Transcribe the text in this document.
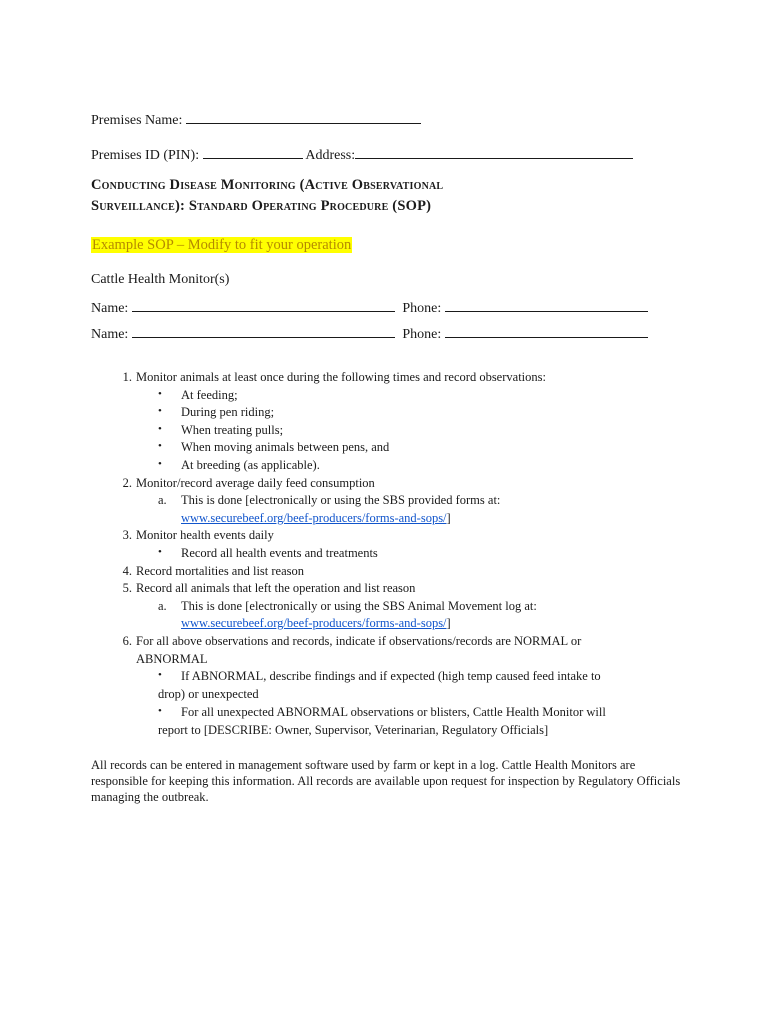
Premises Name:
Premises ID (PIN):	Address:
Conducting Disease Monitoring (Active Observational
Surveillance): Standard Operating Procedure (SOP)
Example SOP – Modify to fit your operation
Cattle Health Monitor(s)
Name:	Phone:
Name:	Phone:
1. Monitor animals at least once during the following times and record observations:
• At feeding;
• During pen riding;
• When treating pulls;
• When moving animals between pens, and
• At breeding (as applicable).
2. Monitor/record average daily feed consumption
a. This is done [electronically or using the SBS provided forms at:
www.securebeef.org/beef-producers/forms-and-sops/]
3. Monitor health events daily
• Record all health events and treatments
4. Record mortalities and list reason
5. Record all animals that left the operation and list reason
a. This is done [electronically or using the SBS Animal Movement log at:
www.securebeef.org/beef-producers/forms-and-sops/]
6. For all above observations and records, indicate if observations/records are NORMAL or
ABNORMAL
• If ABNORMAL, describe findings and if expected (high temp caused feed intake to
drop) or unexpected
• For all unexpected ABNORMAL observations or blisters, Cattle Health Monitor will
report to [DESCRIBE: Owner, Supervisor, Veterinarian, Regulatory Officials]
All records can be entered in management software used by farm or kept in a log. Cattle Health Monitors are responsible for keeping this information. All records are available upon request for inspection by Regulatory Officials managing the outbreak.
